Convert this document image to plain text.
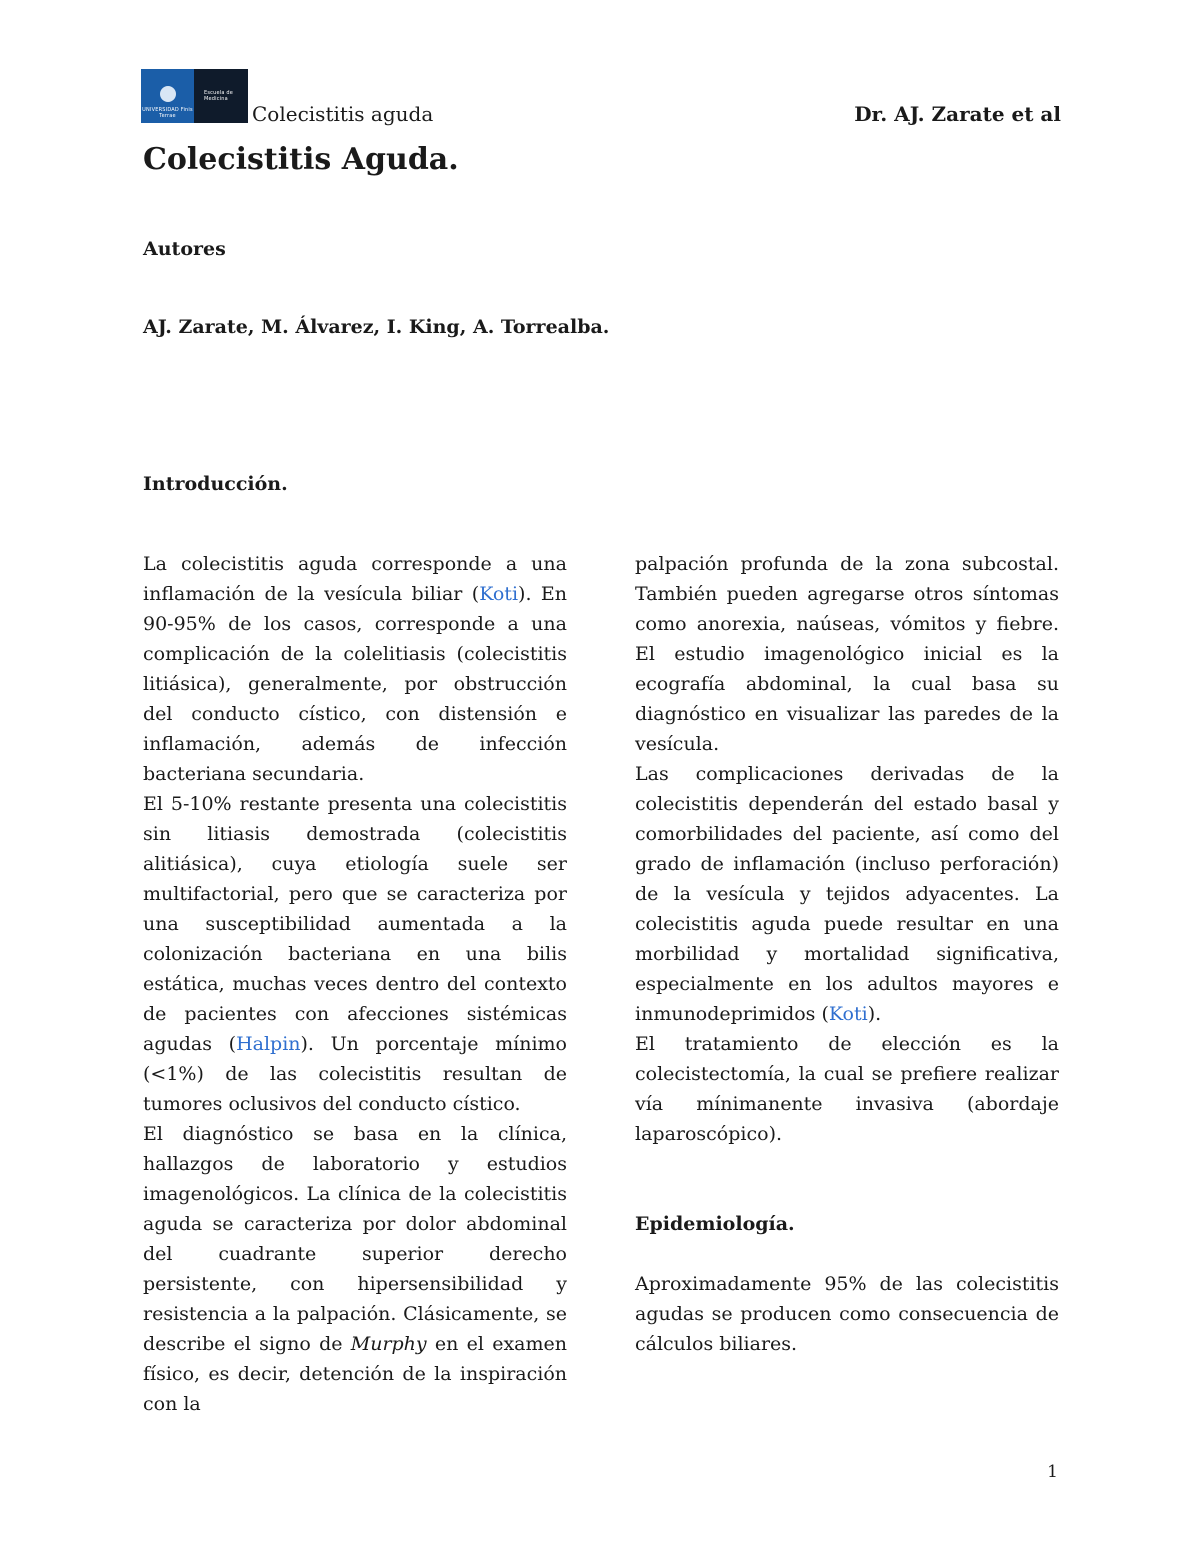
UNIVERSIDAD Finis Terrae
Escuela de Medicina
Colecistitis aguda	Dr. AJ. Zarate et al
Colecistitis Aguda.
Autores
AJ. Zarate, M. Álvarez, I. King, A. Torrealba.
Introducción.

La colecistitis aguda corresponde a una inflamación de la vesícula biliar (Koti). En 90-95% de los casos, corresponde a una complicación de la colelitiasis (colecistitis litiásica), generalmente, por obstrucción del conducto cístico, con distensión e inflamación, además de infección bacteriana secundaria.

El 5-10% restante presenta una colecistitis sin litiasis demostrada (colecistitis alitiásica), cuya etiología suele ser multifactorial, pero que se caracteriza por una susceptibilidad aumentada a la colonización bacteriana en una bilis estática, muchas veces dentro del contexto de pacientes con afecciones sistémicas agudas (Halpin). Un porcentaje mínimo (<1%) de las colecistitis resultan de tumores oclusivos del conducto cístico.

El diagnóstico se basa en la clínica, hallazgos de laboratorio y estudios imagenológicos. La clínica de la colecistitis aguda se caracteriza por dolor abdominal del cuadrante superior derecho persistente, con hipersensibilidad y resistencia a la palpación. Clásicamente, se describe el signo de Murphy en el examen físico, es decir, detención de la inspiración con la

palpación profunda de la zona subcostal. También pueden agregarse otros síntomas como anorexia, naúseas, vómitos y fiebre. El estudio imagenológico inicial es la ecografía abdominal, la cual basa su diagnóstico en visualizar las paredes de la vesícula.

Las complicaciones derivadas de la colecistitis dependerán del estado basal y comorbilidades del paciente, así como del grado de inflamación (incluso perforación) de la vesícula y tejidos adyacentes. La colecistitis aguda puede resultar en una morbilidad y mortalidad significativa, especialmente en los adultos mayores e inmunodeprimidos (Koti).

El tratamiento de elección es la colecistectomía, la cual se prefiere realizar vía mínimanente invasiva (abordaje laparoscópico).

Epidemiología.

Aproximadamente 95% de las colecistitis agudas se producen como consecuencia de cálculos biliares.

1
